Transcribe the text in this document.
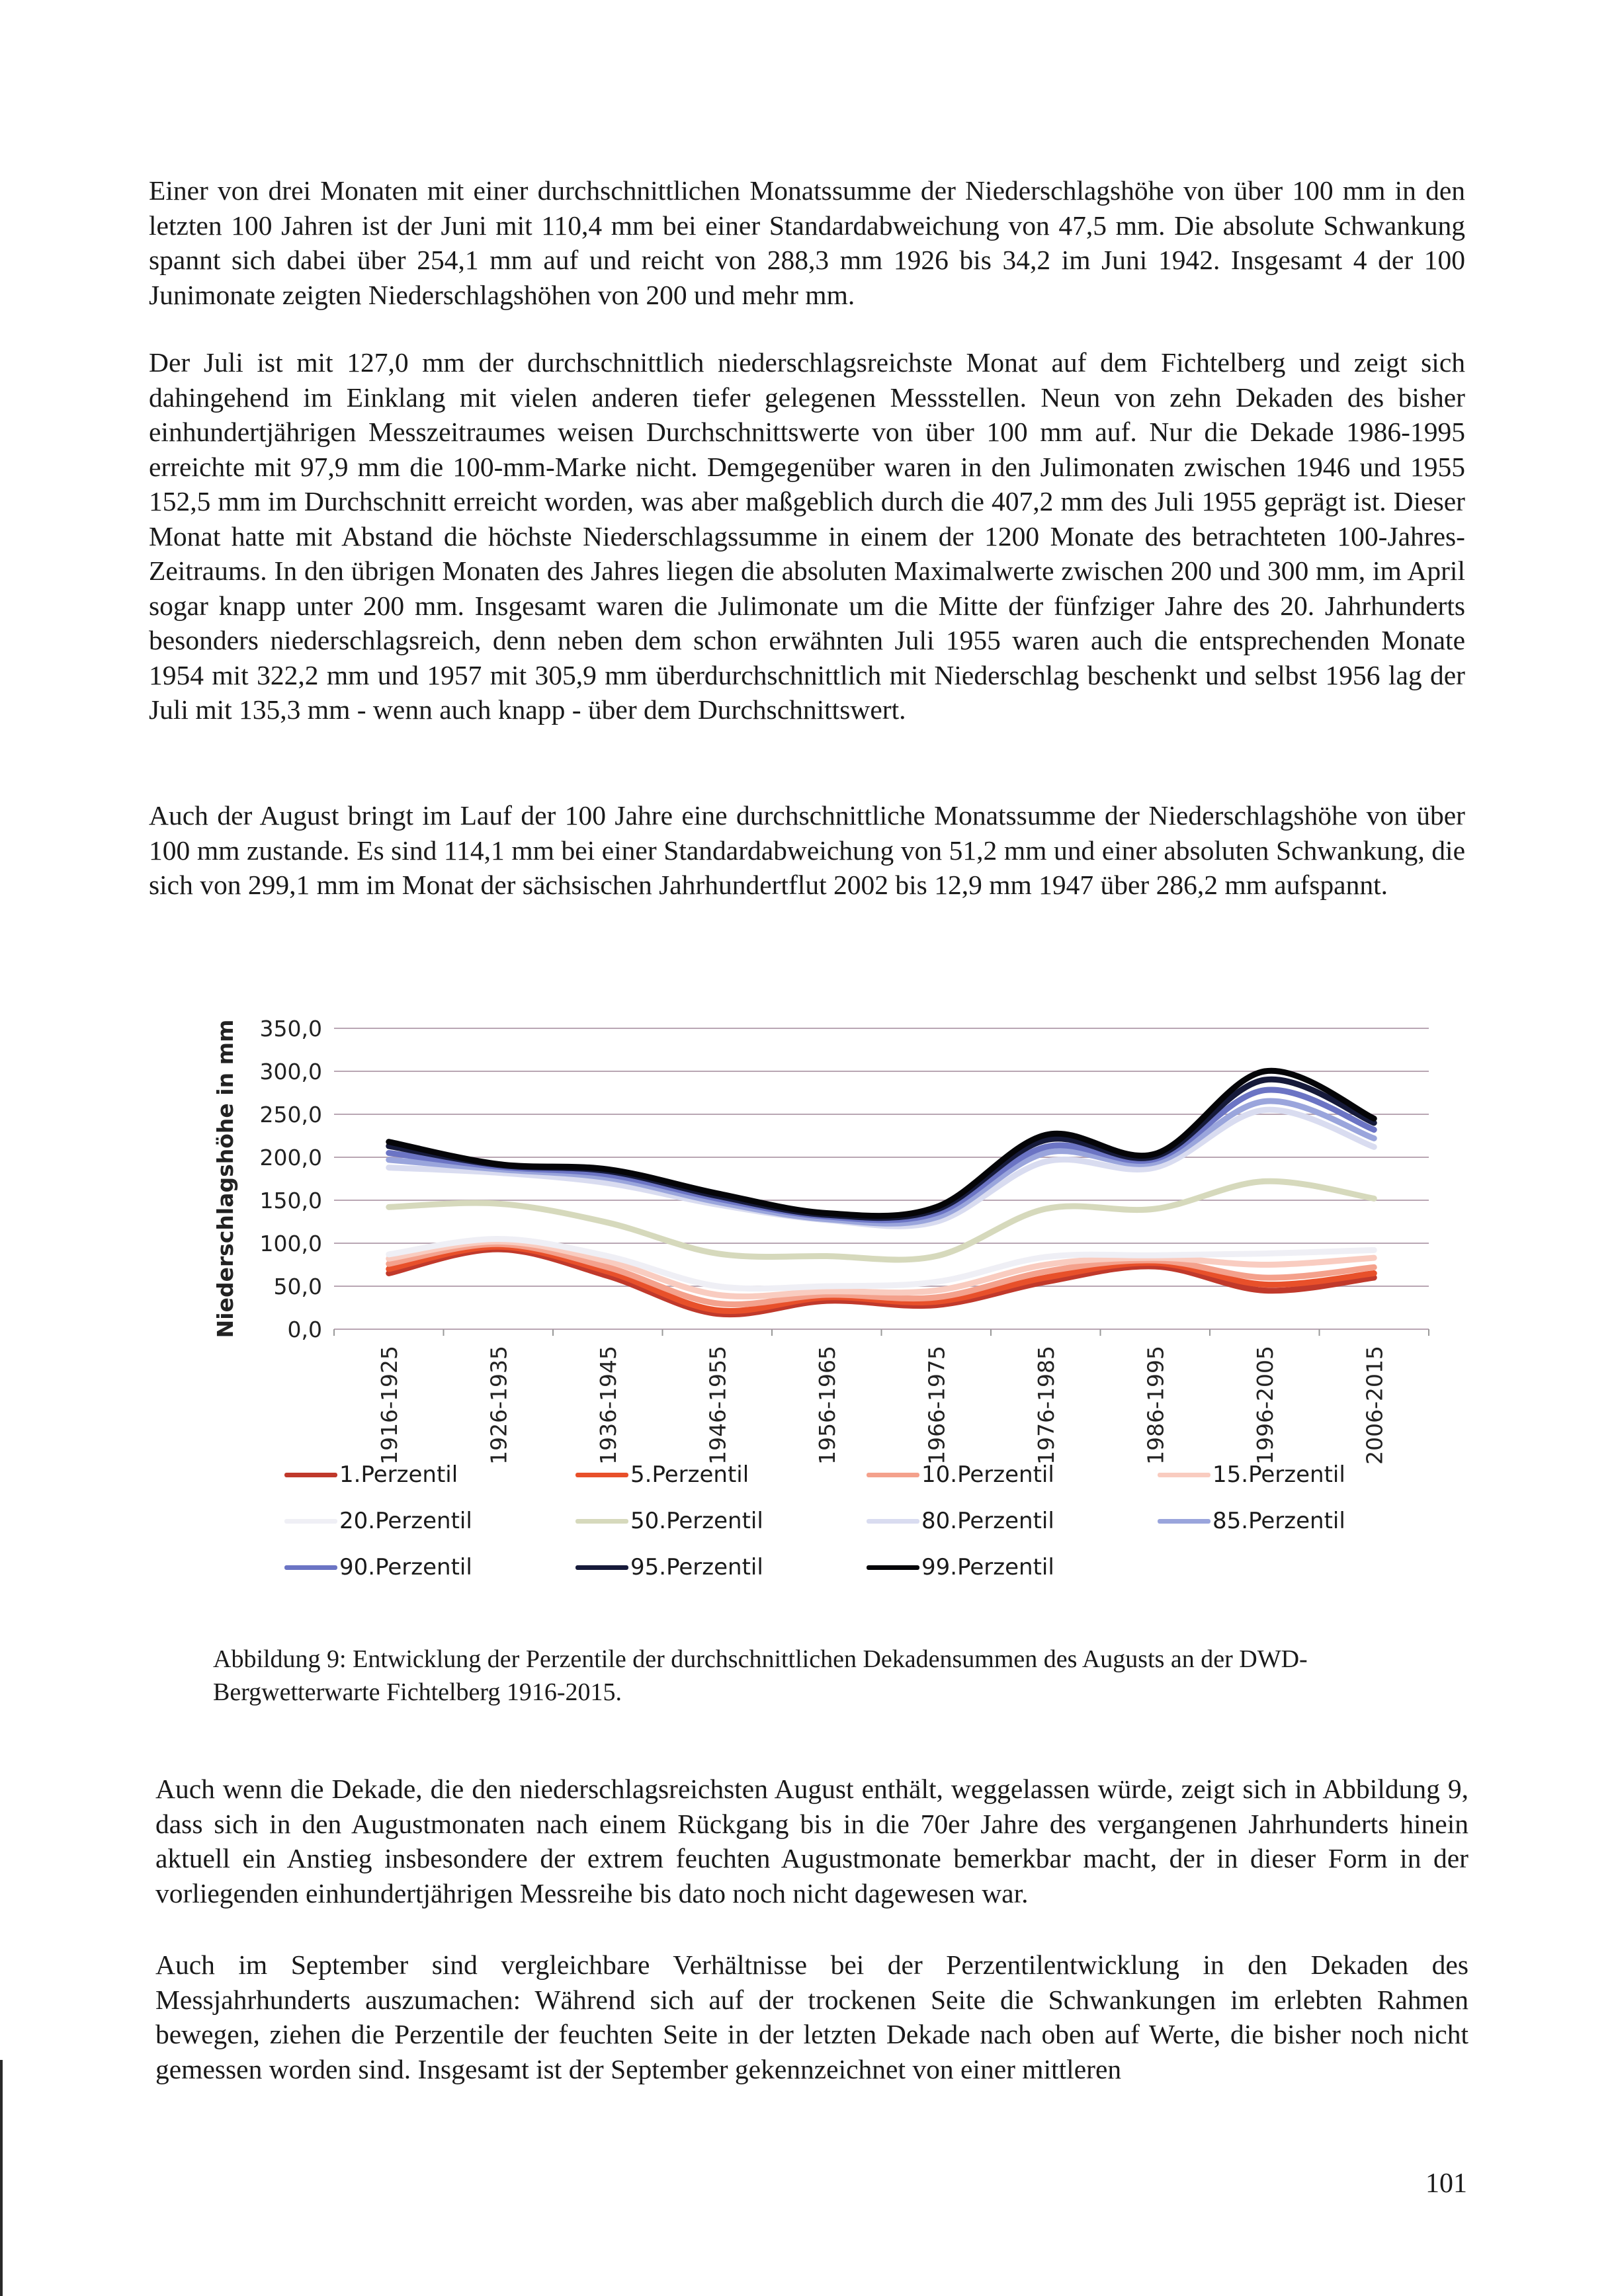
Einer von drei Monaten mit einer durchschnittlichen Monatssumme der Niederschlagshöhe von über 100 mm in den letzten 100 Jahren ist der Juni mit 110,4 mm bei einer Standardabweichung von 47,5 mm. Die absolute Schwankung spannt sich dabei über 254,1 mm auf und reicht von 288,3 mm 1926 bis 34,2 im Juni 1942. Insgesamt 4 der 100 Junimonate zeigten Niederschlagshöhen von 200 und mehr mm.

Der Juli ist mit 127,0 mm der durchschnittlich niederschlagsreichste Monat auf dem Fichtelberg und zeigt sich dahingehend im Einklang mit vielen anderen tiefer gelegenen Messstellen. Neun von zehn Dekaden des bisher einhundertjährigen Messzeitraumes weisen Durchschnittswerte von über 100 mm auf. Nur die Dekade 1986-1995 erreichte mit 97,9 mm die 100-mm-Marke nicht. Demgegenüber waren in den Julimonaten zwischen 1946 und 1955 152,5 mm im Durchschnitt erreicht worden, was aber maßgeblich durch die 407,2 mm des Juli 1955 geprägt ist. Dieser Monat hatte mit Abstand die höchste Niederschlagssumme in einem der 1200 Monate des betrachteten 100-Jahres-Zeitraums. In den übrigen Monaten des Jahres liegen die absoluten Maximalwerte zwischen 200 und 300 mm, im April sogar knapp unter 200 mm. Insgesamt waren die Julimonate um die Mitte der fünfziger Jahre des 20. Jahrhunderts besonders niederschlagsreich, denn neben dem schon erwähnten Juli 1955 waren auch die entsprechenden Monate 1954 mit 322,2 mm und 1957 mit 305,9 mm überdurchschnittlich mit Niederschlag beschenkt und selbst 1956 lag der Juli mit 135,3 mm - wenn auch knapp - über dem Durchschnittswert.

Auch der August bringt im Lauf der 100 Jahre eine durchschnittliche Monatssumme der Niederschlagshöhe von über 100 mm zustande. Es sind 114,1 mm bei einer Standardabweichung von 51,2 mm und einer absoluten Schwankung, die sich von 299,1 mm im Monat der sächsischen Jahrhundertflut 2002 bis 12,9 mm 1947 über 286,2 mm aufspannt.

0,0
50,0
100,0
150,0
200,0
250,0
300,0
350,0
1916-1925	1926-1935	1936-1945	1946-1955	1956-1965	1966-1975	1976-1985	1986-1995	1996-2005	2006-2015
Niederschlagshöhe in mm
1.Perzentil	5.Perzentil	10.Perzentil	15.Perzentil
20.Perzentil	50.Perzentil	80.Perzentil	85.Perzentil
90.Perzentil	95.Perzentil	99.Perzentil

Abbildung 9: Entwicklung der Perzentile der durchschnittlichen Dekadensummen des Augusts an der DWD-Bergwetterwarte Fichtelberg 1916-2015.

Auch wenn die Dekade, die den niederschlagsreichsten August enthält, weggelassen würde, zeigt sich in Abbildung 9, dass sich in den Augustmonaten nach einem Rückgang bis in die 70er Jahre des vergangenen Jahrhunderts hinein aktuell ein Anstieg insbesondere der extrem feuchten Augustmonate bemerkbar macht, der in dieser Form in der vorliegenden einhundertjährigen Messreihe bis dato noch nicht dagewesen war.

Auch im September sind vergleichbare Verhältnisse bei der Perzentilentwicklung in den Dekaden des Messjahrhunderts auszumachen: Während sich auf der trockenen Seite die Schwankungen im erlebten Rahmen bewegen, ziehen die Perzentile der feuchten Seite in der letzten Dekade nach oben auf Werte, die bisher noch nicht gemessen worden sind. Insgesamt ist der September gekennzeichnet von einer mittleren

101
